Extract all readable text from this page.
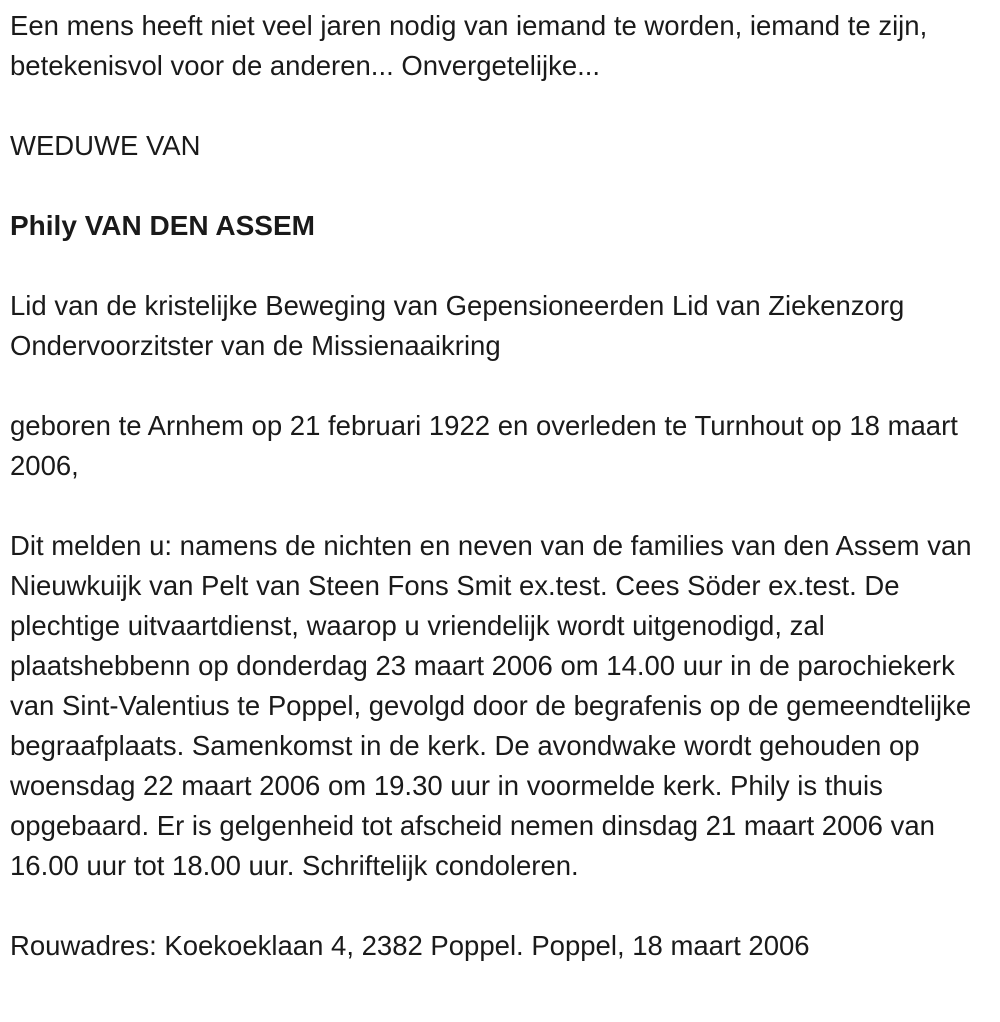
Een mens heeft niet veel jaren nodig van iemand te worden, iemand te zijn, betekenisvol voor de anderen... Onvergetelijke...

WEDUWE VAN

Phily VAN DEN ASSEM

Lid van de kristelijke Beweging van Gepensioneerden Lid van Ziekenzorg Ondervoorzitster van de Missienaaikring

geboren te Arnhem op 21 februari 1922 en overleden te Turnhout op 18 maart 2006,

Dit melden u: namens de nichten en neven van de families van den Assem van Nieuwkuijk van Pelt van Steen Fons Smit ex.test. Cees Söder ex.test. De plechtige uitvaartdienst, waarop u vriendelijk wordt uitgenodigd, zal plaatshebbenn op donderdag 23 maart 2006 om 14.00 uur in de parochiekerk van Sint-Valentius te Poppel, gevolgd door de begrafenis op de gemeendtelijke begraafplaats. Samenkomst in de kerk. De avondwake wordt gehouden op woensdag 22 maart 2006 om 19.30 uur in voormelde kerk. Phily is thuis opgebaard. Er is gelgenheid tot afscheid nemen dinsdag 21 maart 2006 van 16.00 uur tot 18.00 uur. Schriftelijk condoleren.

Rouwadres: Koekoeklaan 4, 2382 Poppel. Poppel, 18 maart 2006
